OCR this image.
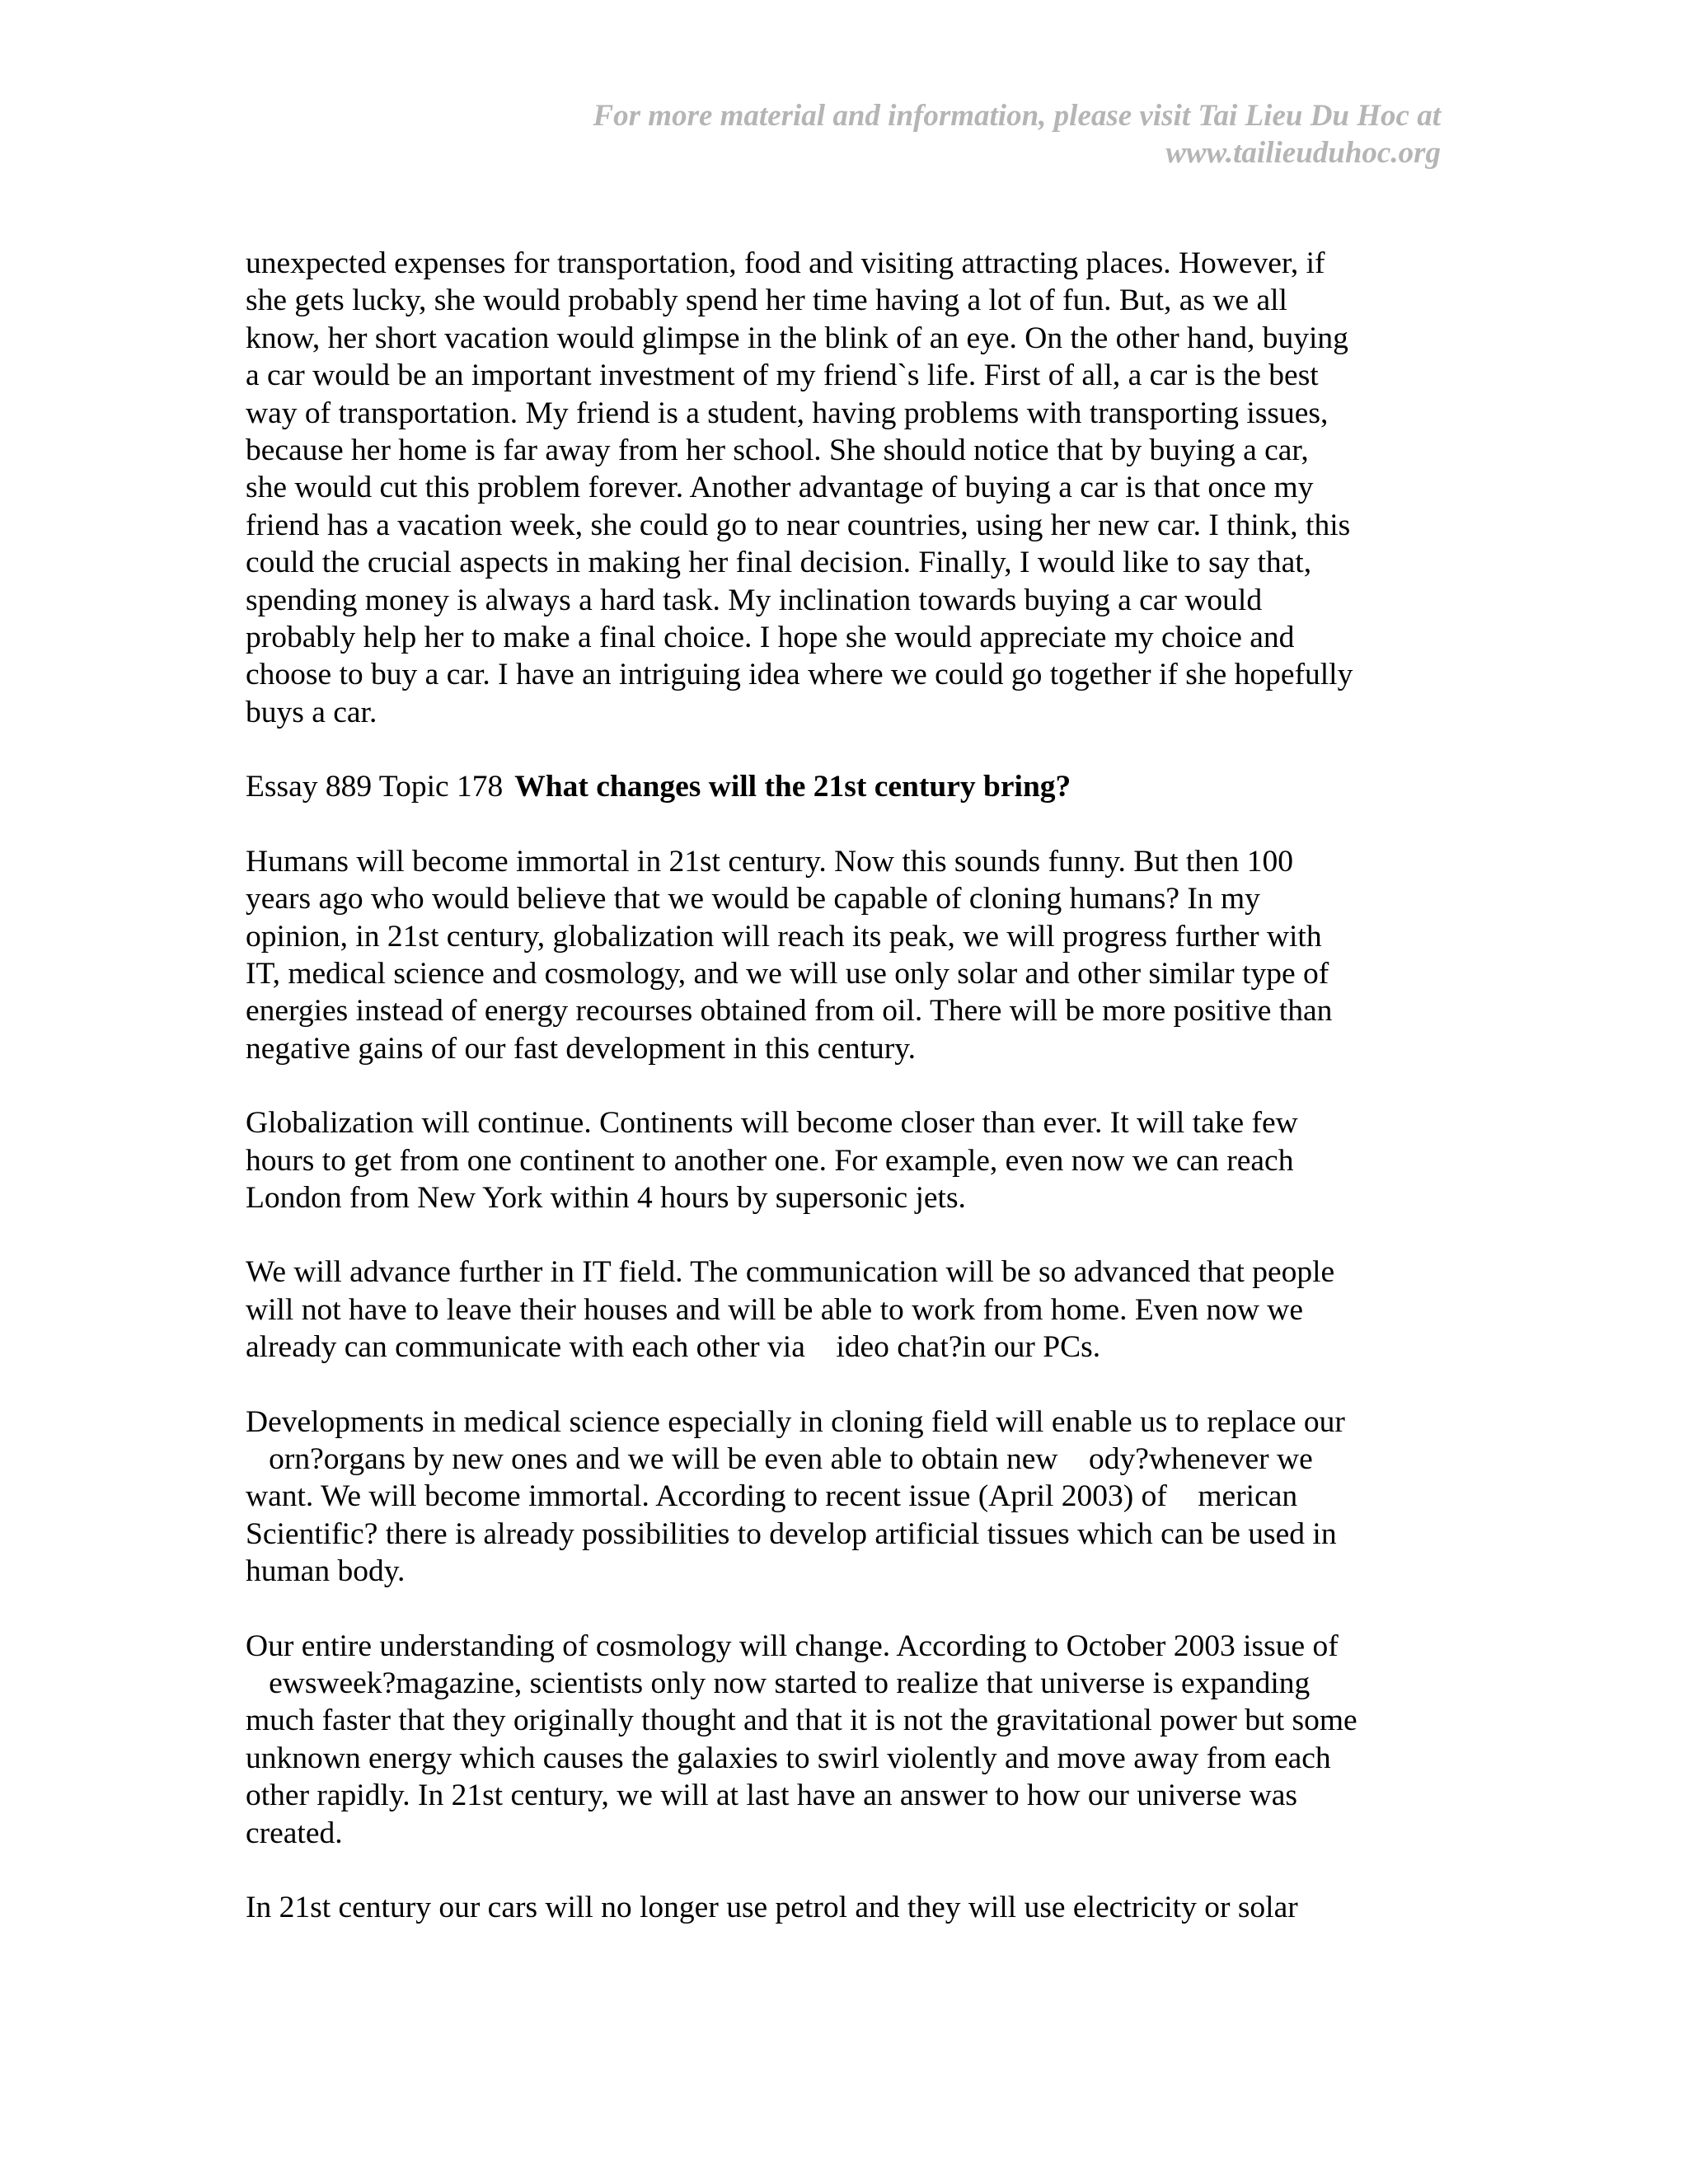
For more material and information, please visit Tai Lieu Du Hoc at
www.tailieuduhoc.org
unexpected expenses for transportation, food and visiting attracting places. However, if
she gets lucky, she would probably spend her time having a lot of fun. But, as we all
know, her short vacation would glimpse in the blink of an eye. On the other hand, buying
a car would be an important investment of my friend`s life. First of all, a car is the best
way of transportation. My friend is a student, having problems with transporting issues,
because her home is far away from her school. She should notice that by buying a car,
she would cut this problem forever. Another advantage of buying a car is that once my
friend has a vacation week, she could go to near countries, using her new car. I think, this
could the crucial aspects in making her final decision. Finally, I would like to say that,
spending money is always a hard task. My inclination towards buying a car would
probably help her to make a final choice. I hope she would appreciate my choice and
choose to buy a car. I have an intriguing idea where we could go together if she hopefully
buys a car.
Essay 889 Topic 178 What changes will the 21st century bring?
Humans will become immortal in 21st century. Now this sounds funny. But then 100
years ago who would believe that we would be capable of cloning humans? In my
opinion, in 21st century, globalization will reach its peak, we will progress further with
IT, medical science and cosmology, and we will use only solar and other similar type of
energies instead of energy recourses obtained from oil. There will be more positive than
negative gains of our fast development in this century.
Globalization will continue. Continents will become closer than ever. It will take few
hours to get from one continent to another one. For example, even now we can reach
London from New York within 4 hours by supersonic jets.
We will advance further in IT field. The communication will be so advanced that people
will not have to leave their houses and will be able to work from home. Even now we
already can communicate with each other via    ideo chat?in our PCs.
Developments in medical science especially in cloning field will enable us to replace our
orn?organs by new ones and we will be even able to obtain new    ody?whenever we
want. We will become immortal. According to recent issue (April 2003) of    merican
Scientific? there is already possibilities to develop artificial tissues which can be used in
human body.
Our entire understanding of cosmology will change. According to October 2003 issue of
ewsweek?magazine, scientists only now started to realize that universe is expanding
much faster that they originally thought and that it is not the gravitational power but some
unknown energy which causes the galaxies to swirl violently and move away from each
other rapidly. In 21st century, we will at last have an answer to how our universe was
created.
In 21st century our cars will no longer use petrol and they will use electricity or solar
